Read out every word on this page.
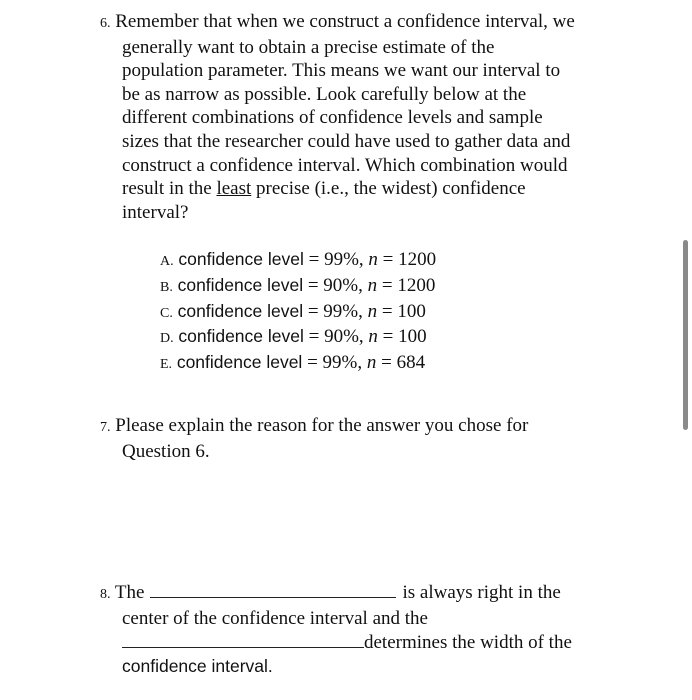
6. Remember that when we construct a confidence interval, we
generally want to obtain a precise estimate of the
population parameter. This means we want our interval to
be as narrow as possible. Look carefully below at the
different combinations of confidence levels and sample
sizes that the researcher could have used to gather data and
construct a confidence interval. Which combination would
result in the least precise (i.e., the widest) confidence
interval?
A. confidence level = 99%, n = 1200
B. confidence level = 90%, n = 1200
C. confidence level = 99%, n = 100
D. confidence level = 90%, n = 100
E. confidence level = 99%, n = 684
7. Please explain the reason for the answer you chose for
Question 6.
8. The	is always right in the
center of the confidence interval and the
determines the width of the
confidence interval.
